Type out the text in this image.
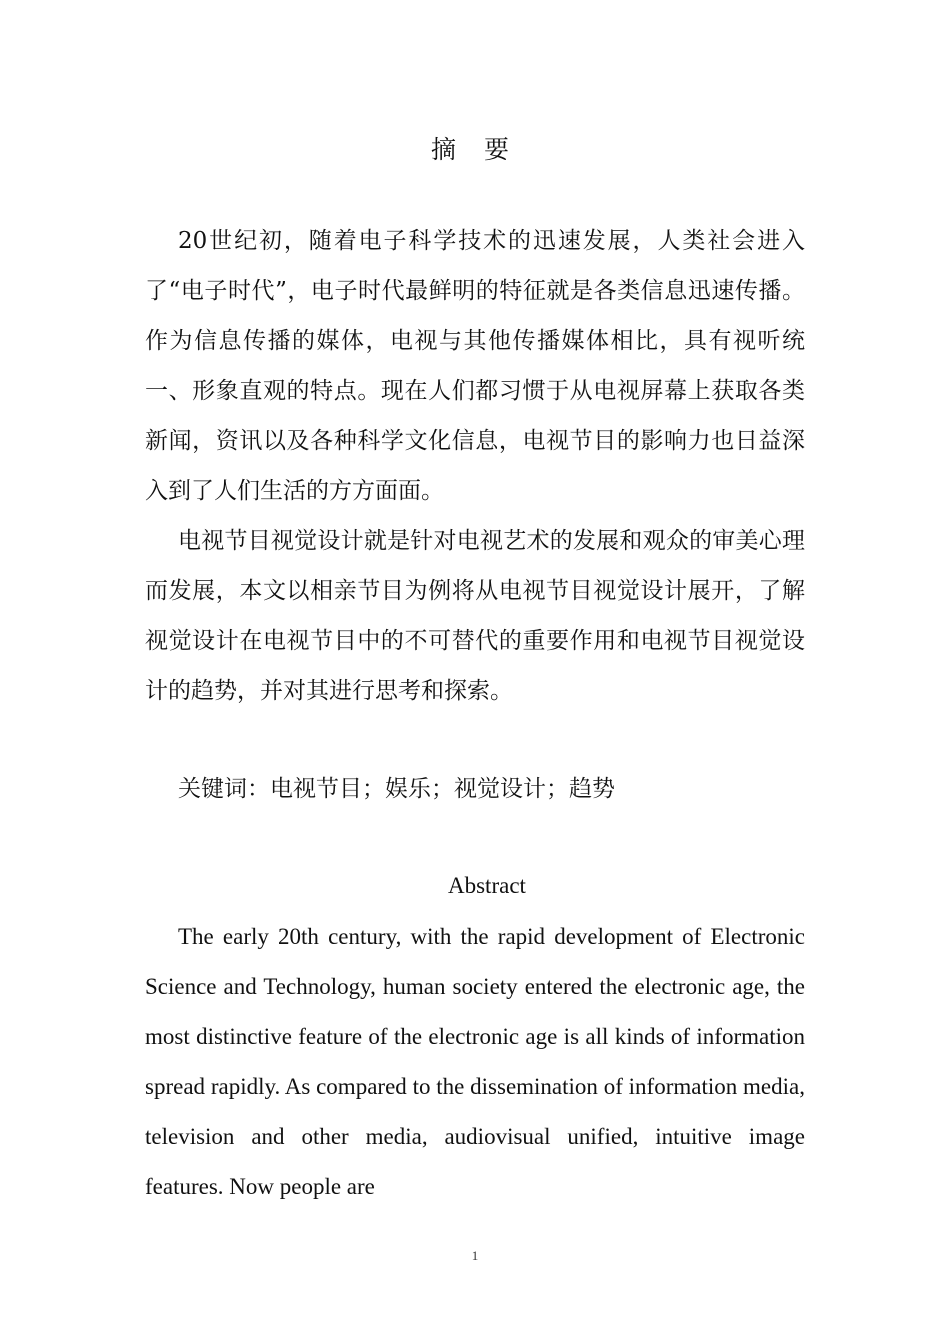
摘 要

20世纪初，随着电子科学技术的迅速发展，人类社会进入了“电子时代”，电子时代最鲜明的特征就是各类信息迅速传播。作为信息传播的媒体，电视与其他传播媒体相比，具有视听统一、形象直观的特点。现在人们都习惯于从电视屏幕上获取各类新闻，资讯以及各种科学文化信息，电视节目的影响力也日益深入到了人们生活的方方面面。

电视节目视觉设计就是针对电视艺术的发展和观众的审美心理而发展，本文以相亲节目为例将从电视节目视觉设计展开，了解视觉设计在电视节目中的不可替代的重要作用和电视节目视觉设计的趋势，并对其进行思考和探索。

关键词：电视节目；娱乐；视觉设计；趋势
Abstract

The early 20th century, with the rapid development of Electronic Science and Technology, human society entered the electronic age, the most distinctive feature of the electronic age is all kinds of information spread rapidly. As compared to the dissemination of information media, television and other media, audiovisual unified, intuitive image features. Now people are

1
